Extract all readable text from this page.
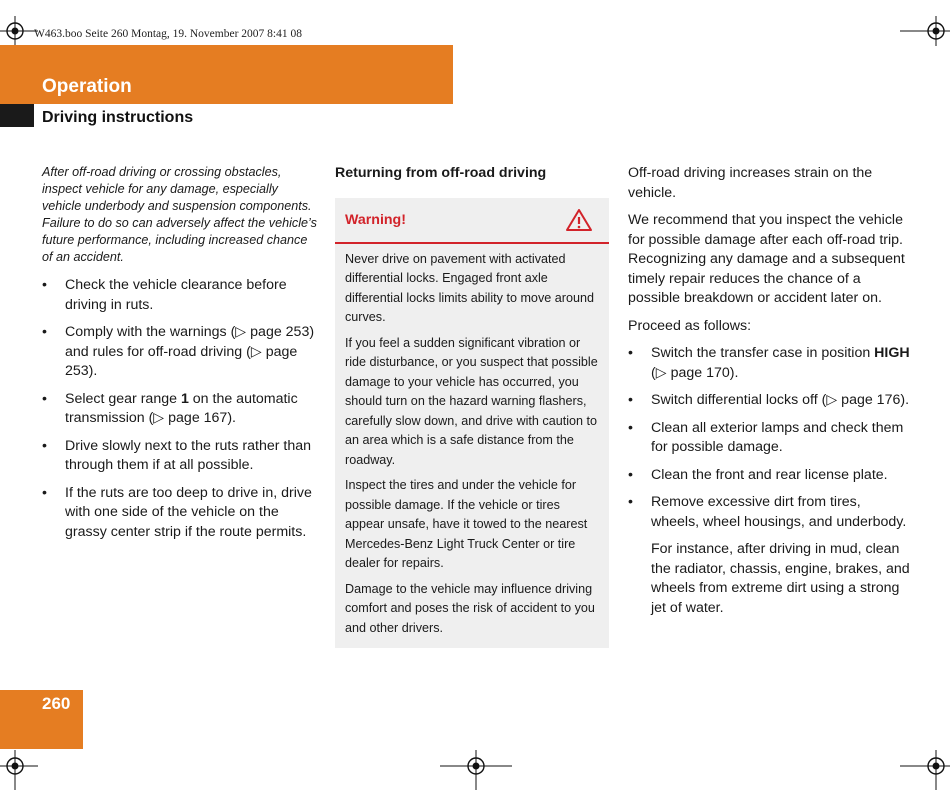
W463.boo Seite 260 Montag, 19. November 2007 8:41 08
Operation
Driving instructions

After off-road driving or crossing obstacles, inspect vehicle for any damage, especially vehicle underbody and suspension components. Failure to do so can adversely affect the vehicle’s future performance, including increased chance of an accident.

• Check the vehicle clearance before driving in ruts.
• Comply with the warnings (▷ page 253) and rules for off-road driving (▷ page 253).
• Select gear range 1 on the automatic transmission (▷ page 167).
• Drive slowly next to the ruts rather than through them if at all possible.
• If the ruts are too deep to drive in, drive with one side of the vehicle on the grassy center strip if the route permits.
Returning from off-road driving
Warning!

Never drive on pavement with activated differential locks. Engaged front axle differential locks limits ability to move around curves.

If you feel a sudden significant vibration or ride disturbance, or you suspect that possible damage to your vehicle has occurred, you should turn on the hazard warning flashers, carefully slow down, and drive with caution to an area which is a safe distance from the roadway.

Inspect the tires and under the vehicle for possible damage. If the vehicle or tires appear unsafe, have it towed to the nearest Mercedes-Benz Light Truck Center or tire dealer for repairs.

Damage to the vehicle may influence driving comfort and poses the risk of accident to you and other drivers.

Off-road driving increases strain on the vehicle.

We recommend that you inspect the vehicle for possible damage after each off-road trip. Recognizing any damage and a subsequent timely repair reduces the chance of a possible breakdown or accident later on.

Proceed as follows:

• Switch the transfer case in position HIGH (▷ page 170).
• Switch differential locks off (▷ page 176).
• Clean all exterior lamps and check them for possible damage.
• Clean the front and rear license plate.
• Remove excessive dirt from tires, wheels, wheel housings, and underbody.
For instance, after driving in mud, clean the radiator, chassis, engine, brakes, and wheels from extreme dirt using a strong jet of water.
260
